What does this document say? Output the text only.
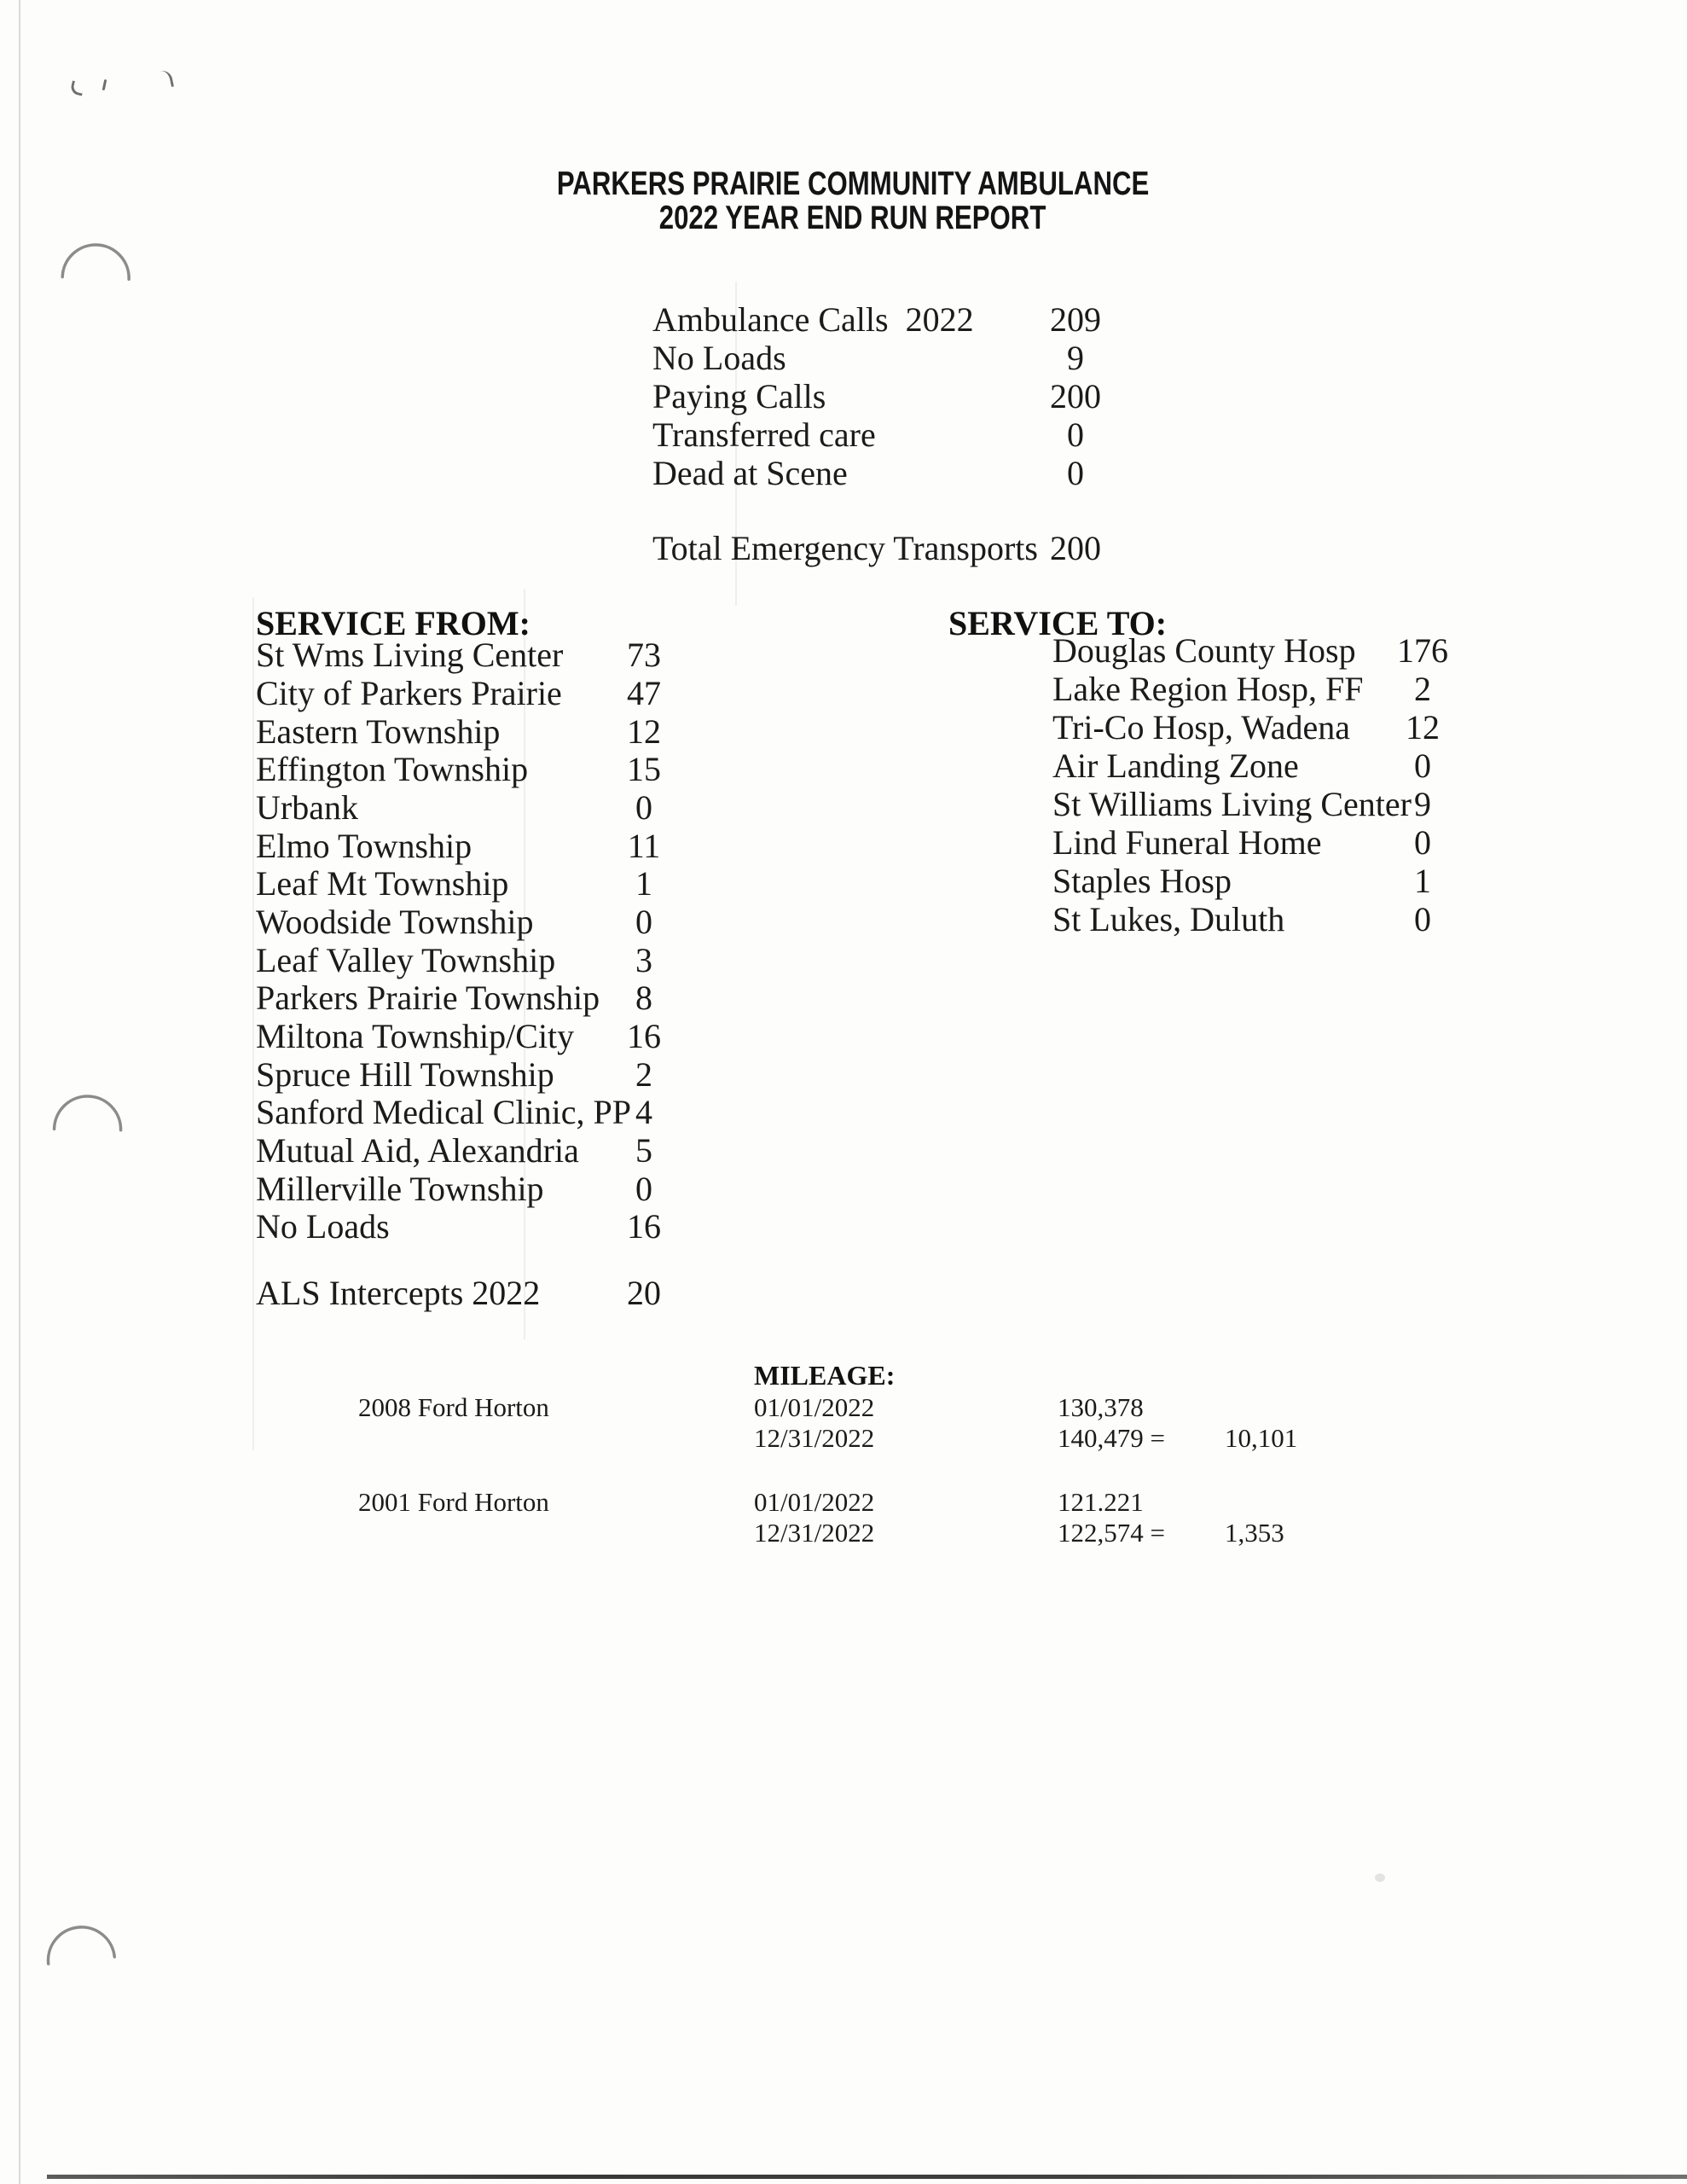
PARKERS PRAIRIE COMMUNITY AMBULANCE
2022 YEAR END RUN REPORT
Ambulance Calls  2022	209
No Loads	9
Paying Calls	200
Transferred care	0
Dead at Scene	0
Total Emergency Transports 200
SERVICE FROM:
St Wms Living Center	73
City of Parkers Prairie	47
Eastern Township	12
Effington Township	15
Urbank	0
Elmo Township	11
Leaf Mt Township	1
Woodside Township	0
Leaf Valley Township	3
Parkers Prairie Township	8
Miltona Township/City	16
Spruce Hill Township	2
Sanford Medical Clinic, PP 4
Mutual Aid, Alexandria	5
Millerville Township	0
No Loads	16
ALS Intercepts 2022	20
SERVICE TO:
Douglas County Hosp	176
Lake Region Hosp, FF	2
Tri-Co Hosp, Wadena	12
Air Landing Zone	0
St Williams Living Center 9
Lind Funeral Home	0
Staples Hosp	1
St Lukes, Duluth	0
MILEAGE:
2008 Ford Horton	01/01/2022	130,378
12/31/2022	140,479 = 10,101
2001 Ford Horton	01/01/2022	121.221
12/31/2022	122,574 = 1,353
